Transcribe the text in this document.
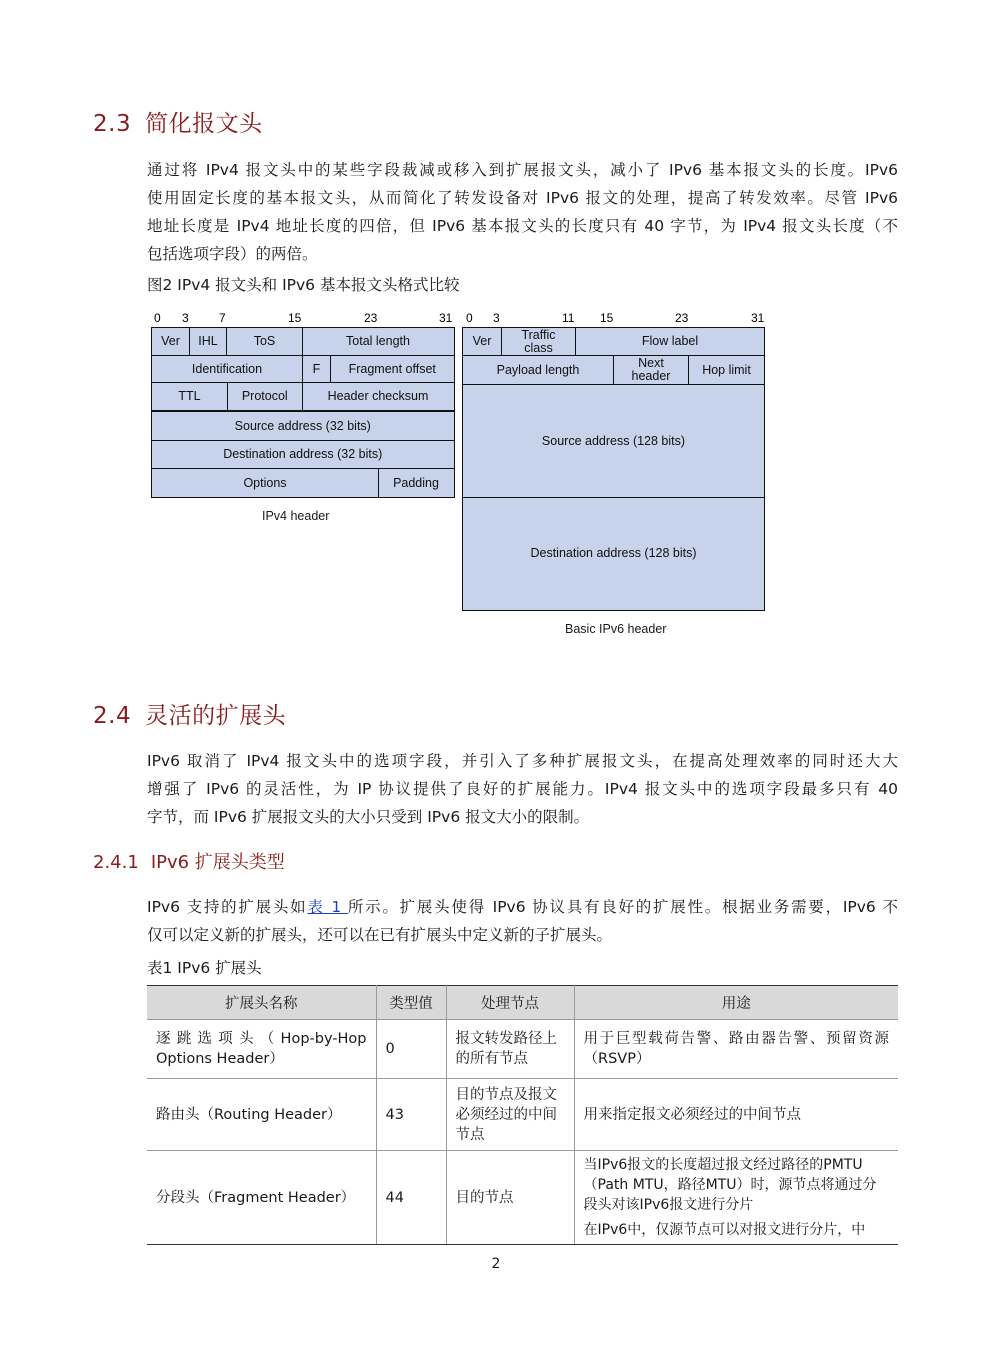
2.3 简化报文头
通过将 IPv4 报文头中的某些字段裁减或移入到扩展报文头，减小了 IPv6 基本报文头的长度。IPv6
使用固定长度的基本报文头，从而简化了转发设备对 IPv6 报文的处理，提高了转发效率。尽管 IPv6
地址长度是 IPv4 地址长度的四倍，但 IPv6 基本报文头的长度只有 40 字节，为 IPv4 报文头长度（不
包括选项字段）的两倍。
图2 IPv4 报文头和 IPv6 基本报文头格式比较
0 3	7	15	23	31
Ver	IHL	ToS	Total length
Identification	F	Fragment offset
TTL	Protocol	Header checksum
Source address (32 bits)
Destination address (32 bits)
Options	Padding
IPv4 header
0 3	11 15	23	31
Ver	Traffic class	Flow label
Payload length	Next header	Hop limit
Source address (128 bits)
Destination address (128 bits)
Basic IPv6 header
2.4 灵活的扩展头
IPv6 取消了 IPv4 报文头中的选项字段，并引入了多种扩展报文头，在提高处理效率的同时还大大
增强了 IPv6 的灵活性，为 IP 协议提供了良好的扩展能力。IPv4 报文头中的选项字段最多只有 40
字节，而 IPv6 扩展报文头的大小只受到 IPv6 报文大小的限制。
2.4.1 IPv6 扩展头类型
IPv6 支持的扩展头如表 1 所示。扩展头使得 IPv6 协议具有良好的扩展性。根据业务需要，IPv6 不
仅可以定义新的扩展头，还可以在已有扩展头中定义新的子扩展头。
表1 IPv6 扩展头
扩展头名称	类型值	处理节点	用途

逐 跳 选 项 头 （ Hop-by-Hop
Options Header）	0	报文转发路径上
的所有节点	用于巨型载荷告警、路由器告警、预留资源
（RSVP）

路由头（Routing Header）	43	目的节点及报文
必须经过的中间
节点	用来指定报文必须经过的中间节点
分段头（Fragment Header）	44	目的节点	当IPv6报文的长度超过报文经过路径的PMTU
（Path MTU，路径MTU）时，源节点将通过分
段头对该IPv6报文进行分片
在IPv6中，仅源节点可以对报文进行分片，中
2
